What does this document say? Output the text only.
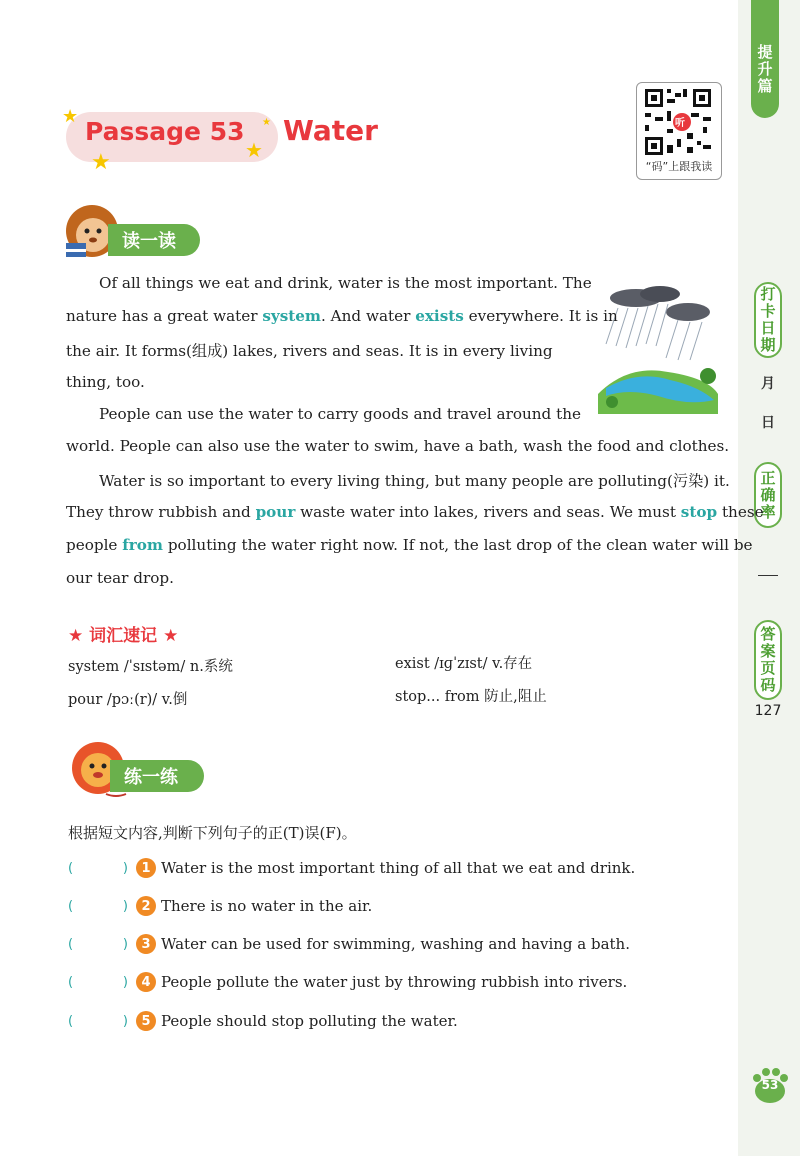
提升篇
打卡日期
月
日
正确率
答案页码
127
53
★
★	★
★
Passage 53 Water	听
“码”上跟我读
读一读
Of all things we eat and drink, water is the most important. The
nature has a great water system. And water exists everywhere. It is in
the air. It forms(组成) lakes, rivers and seas. It is in every living
thing, too.
People can use the water to carry goods and travel around the
world. People can also use the water to swim, have a bath, wash the food and clothes.
Water is so important to every living thing, but many people are polluting(污染) it.
They throw rubbish and pour waste water into lakes, rivers and seas. We must stop these
people from polluting the water right now. If not, the last drop of the clean water will be
our tear drop.
★ 词汇速记 ★
system /ˈsɪstəm/ n.系统	exist /ɪɡˈzɪst/ v.存在
pour /pɔː(r)/ v.倒	stop... from 防止,阻止
练一练
根据短文内容,判断下列句子的正(T)误(F)。
(	)	1 Water is the most important thing of all that we eat and drink.
(	)	2 There is no water in the air.
(	)	3 Water can be used for swimming, washing and having a bath.
(	)	4 People pollute the water just by throwing rubbish into rivers.
(	)	5 People should stop polluting the water.
